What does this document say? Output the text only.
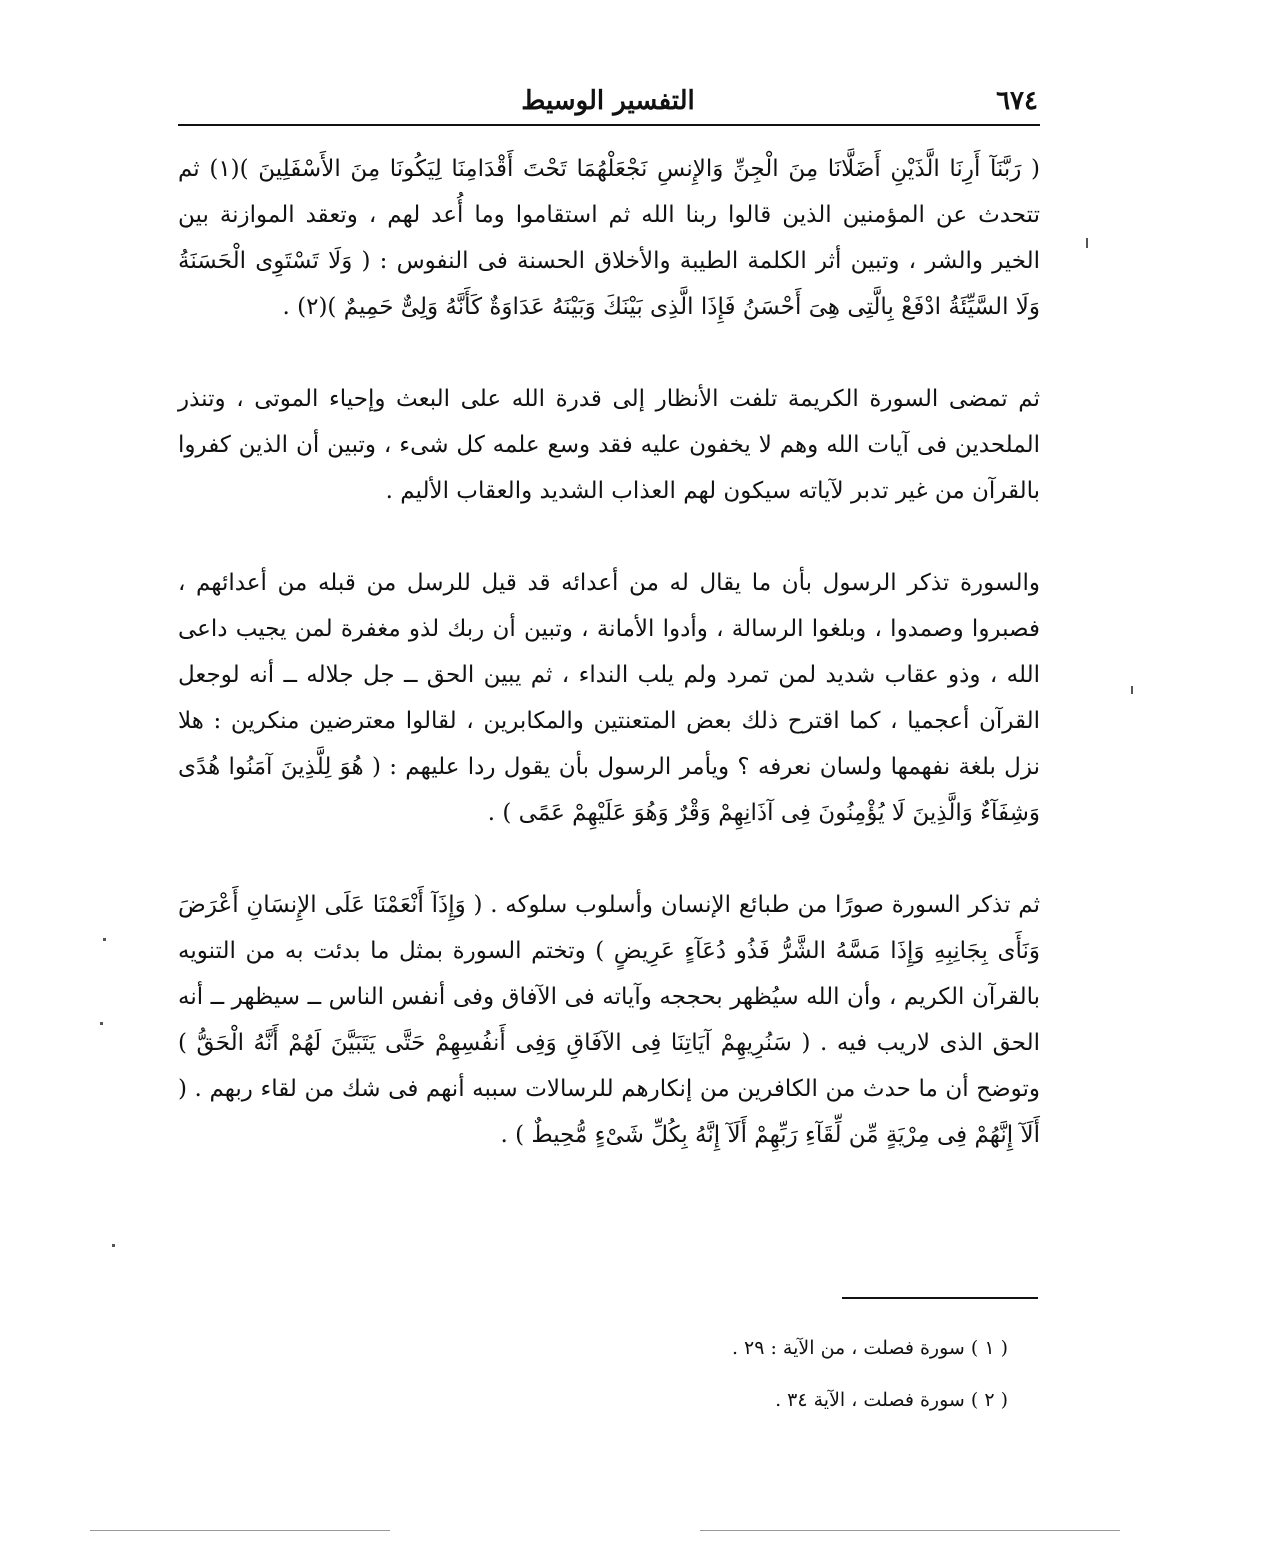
٦٧٤
التفسير الوسيط

( رَبَّنَآ أَرِنَا الَّذَيْنِ أَضَلَّانَا مِنَ الْجِنِّ وَالإِنسِ نَجْعَلْهُمَا تَحْتَ أَقْدَامِنَا لِيَكُونَا مِنَ الأَسْفَلِينَ )(١) ثم تتحدث عن المؤمنين الذين قالوا ربنا الله ثم استقاموا وما أُعد لهم ، وتعقد الموازنة بين الخير والشر ، وتبين أثر الكلمة الطيبة والأخلاق الحسنة فى النفوس : ( وَلَا تَسْتَوِى الْحَسَنَةُ وَلَا السَّيِّئَةُ ادْفَعْ بِالَّتِى هِىَ أَحْسَنُ فَإِذَا الَّذِى بَيْنَكَ وَبَيْنَهُ عَدَاوَةٌ كَأَنَّهُ وَلِىٌّ حَمِيمٌ )(٢) .

ثم تمضى السورة الكريمة تلفت الأنظار إلى قدرة الله على البعث وإحياء الموتى ، وتنذر الملحدين فى آيات الله وهم لا يخفون عليه فقد وسع علمه كل شىء ، وتبين أن الذين كفروا بالقرآن من غير تدبر لآياته سيكون لهم العذاب الشديد والعقاب الأليم .

والسورة تذكر الرسول بأن ما يقال له من أعدائه قد قيل للرسل من قبله من أعدائهم ، فصبروا وصمدوا ، وبلغوا الرسالة ، وأدوا الأمانة ، وتبين أن ربك لذو مغفرة لمن يجيب داعى الله ، وذو عقاب شديد لمن تمرد ولم يلب النداء ، ثم يبين الحق ــ جل جلاله ــ أنه لوجعل القرآن أعجميا ، كما اقترح ذلك بعض المتعنتين والمكابرين ، لقالوا معترضين منكرين : هلا نزل بلغة نفهمها ولسان نعرفه ؟ ويأمر الرسول بأن يقول ردا عليهم : ( هُوَ لِلَّذِينَ آمَنُوا هُدًى وَشِفَآءٌ وَالَّذِينَ لَا يُؤْمِنُونَ فِى آذَانِهِمْ وَقْرٌ وَهُوَ عَلَيْهِمْ عَمًى ) .

ثم تذكر السورة صورًا من طبائع الإنسان وأسلوب سلوكه . ( وَإِذَآ أَنْعَمْنَا عَلَى الإِنسَانِ أَعْرَضَ وَنَأَى بِجَانِبِهِ وَإِذَا مَسَّهُ الشَّرُّ فَذُو دُعَآءٍ عَرِيضٍ ) وتختم السورة بمثل ما بدئت به من التنويه بالقرآن الكريم ، وأن الله سيُظهر بحججه وآياته فى الآفاق وفى أنفس الناس ــ سيظهر ــ أنه الحق الذى لاريب فيه . ( سَنُرِيهِمْ آيَاتِنَا فِى الآفَاقِ وَفِى أَنفُسِهِمْ حَتَّى يَتَبَيَّنَ لَهُمْ أَنَّهُ الْحَقُّ ) وتوضح أن ما حدث من الكافرين من إنكارهم للرسالات سببه أنهم فى شك من لقاء ربهم . ( أَلَآ إِنَّهُمْ فِى مِرْيَةٍ مِّن لِّقَآءِ رَبِّهِمْ أَلَآ إِنَّهُ بِكُلِّ شَىْءٍ مُّحِيطٌ ) .

( ١ ) سورة فصلت ، من الآية : ٢٩ .

( ٢ ) سورة فصلت ، الآية ٣٤ .
